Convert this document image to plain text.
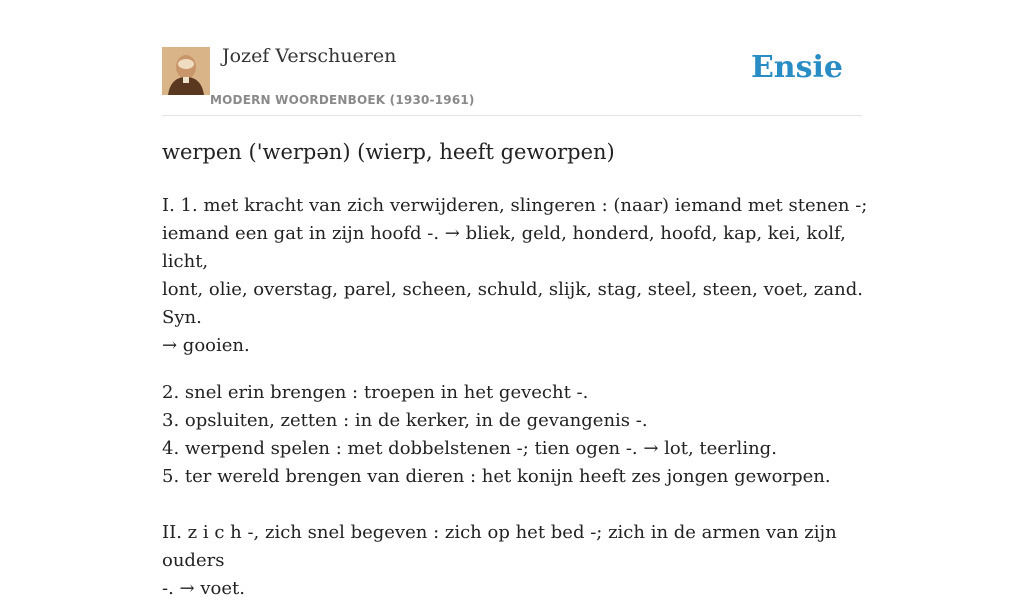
Jozef Verschueren
MODERN WOORDENBOEK (1930-1961)
Ensie
werpen ('werpən) (wierp, heeft geworpen)

I. 1. met kracht van zich verwijderen, slingeren : (naar) iemand met stenen -;

iemand een gat in zijn hoofd -. → bliek, geld, honderd, hoofd, kap, kei, kolf, licht,

lont, olie, overstag, parel, scheen, schuld, slijk, stag, steel, steen, voet, zand. Syn.

→ gooien.

2. snel erin brengen : troepen in het gevecht -.

3. opsluiten, zetten : in de kerker, in de gevangenis -.

4. werpend spelen : met dobbelstenen -; tien ogen -. → lot, teerling.

5. ter wereld brengen van dieren : het konijn heeft zes jongen geworpen.

II. z i c h -, zich snel begeven : zich op het bed -; zich in de armen van zijn ouders

-. → voet.
